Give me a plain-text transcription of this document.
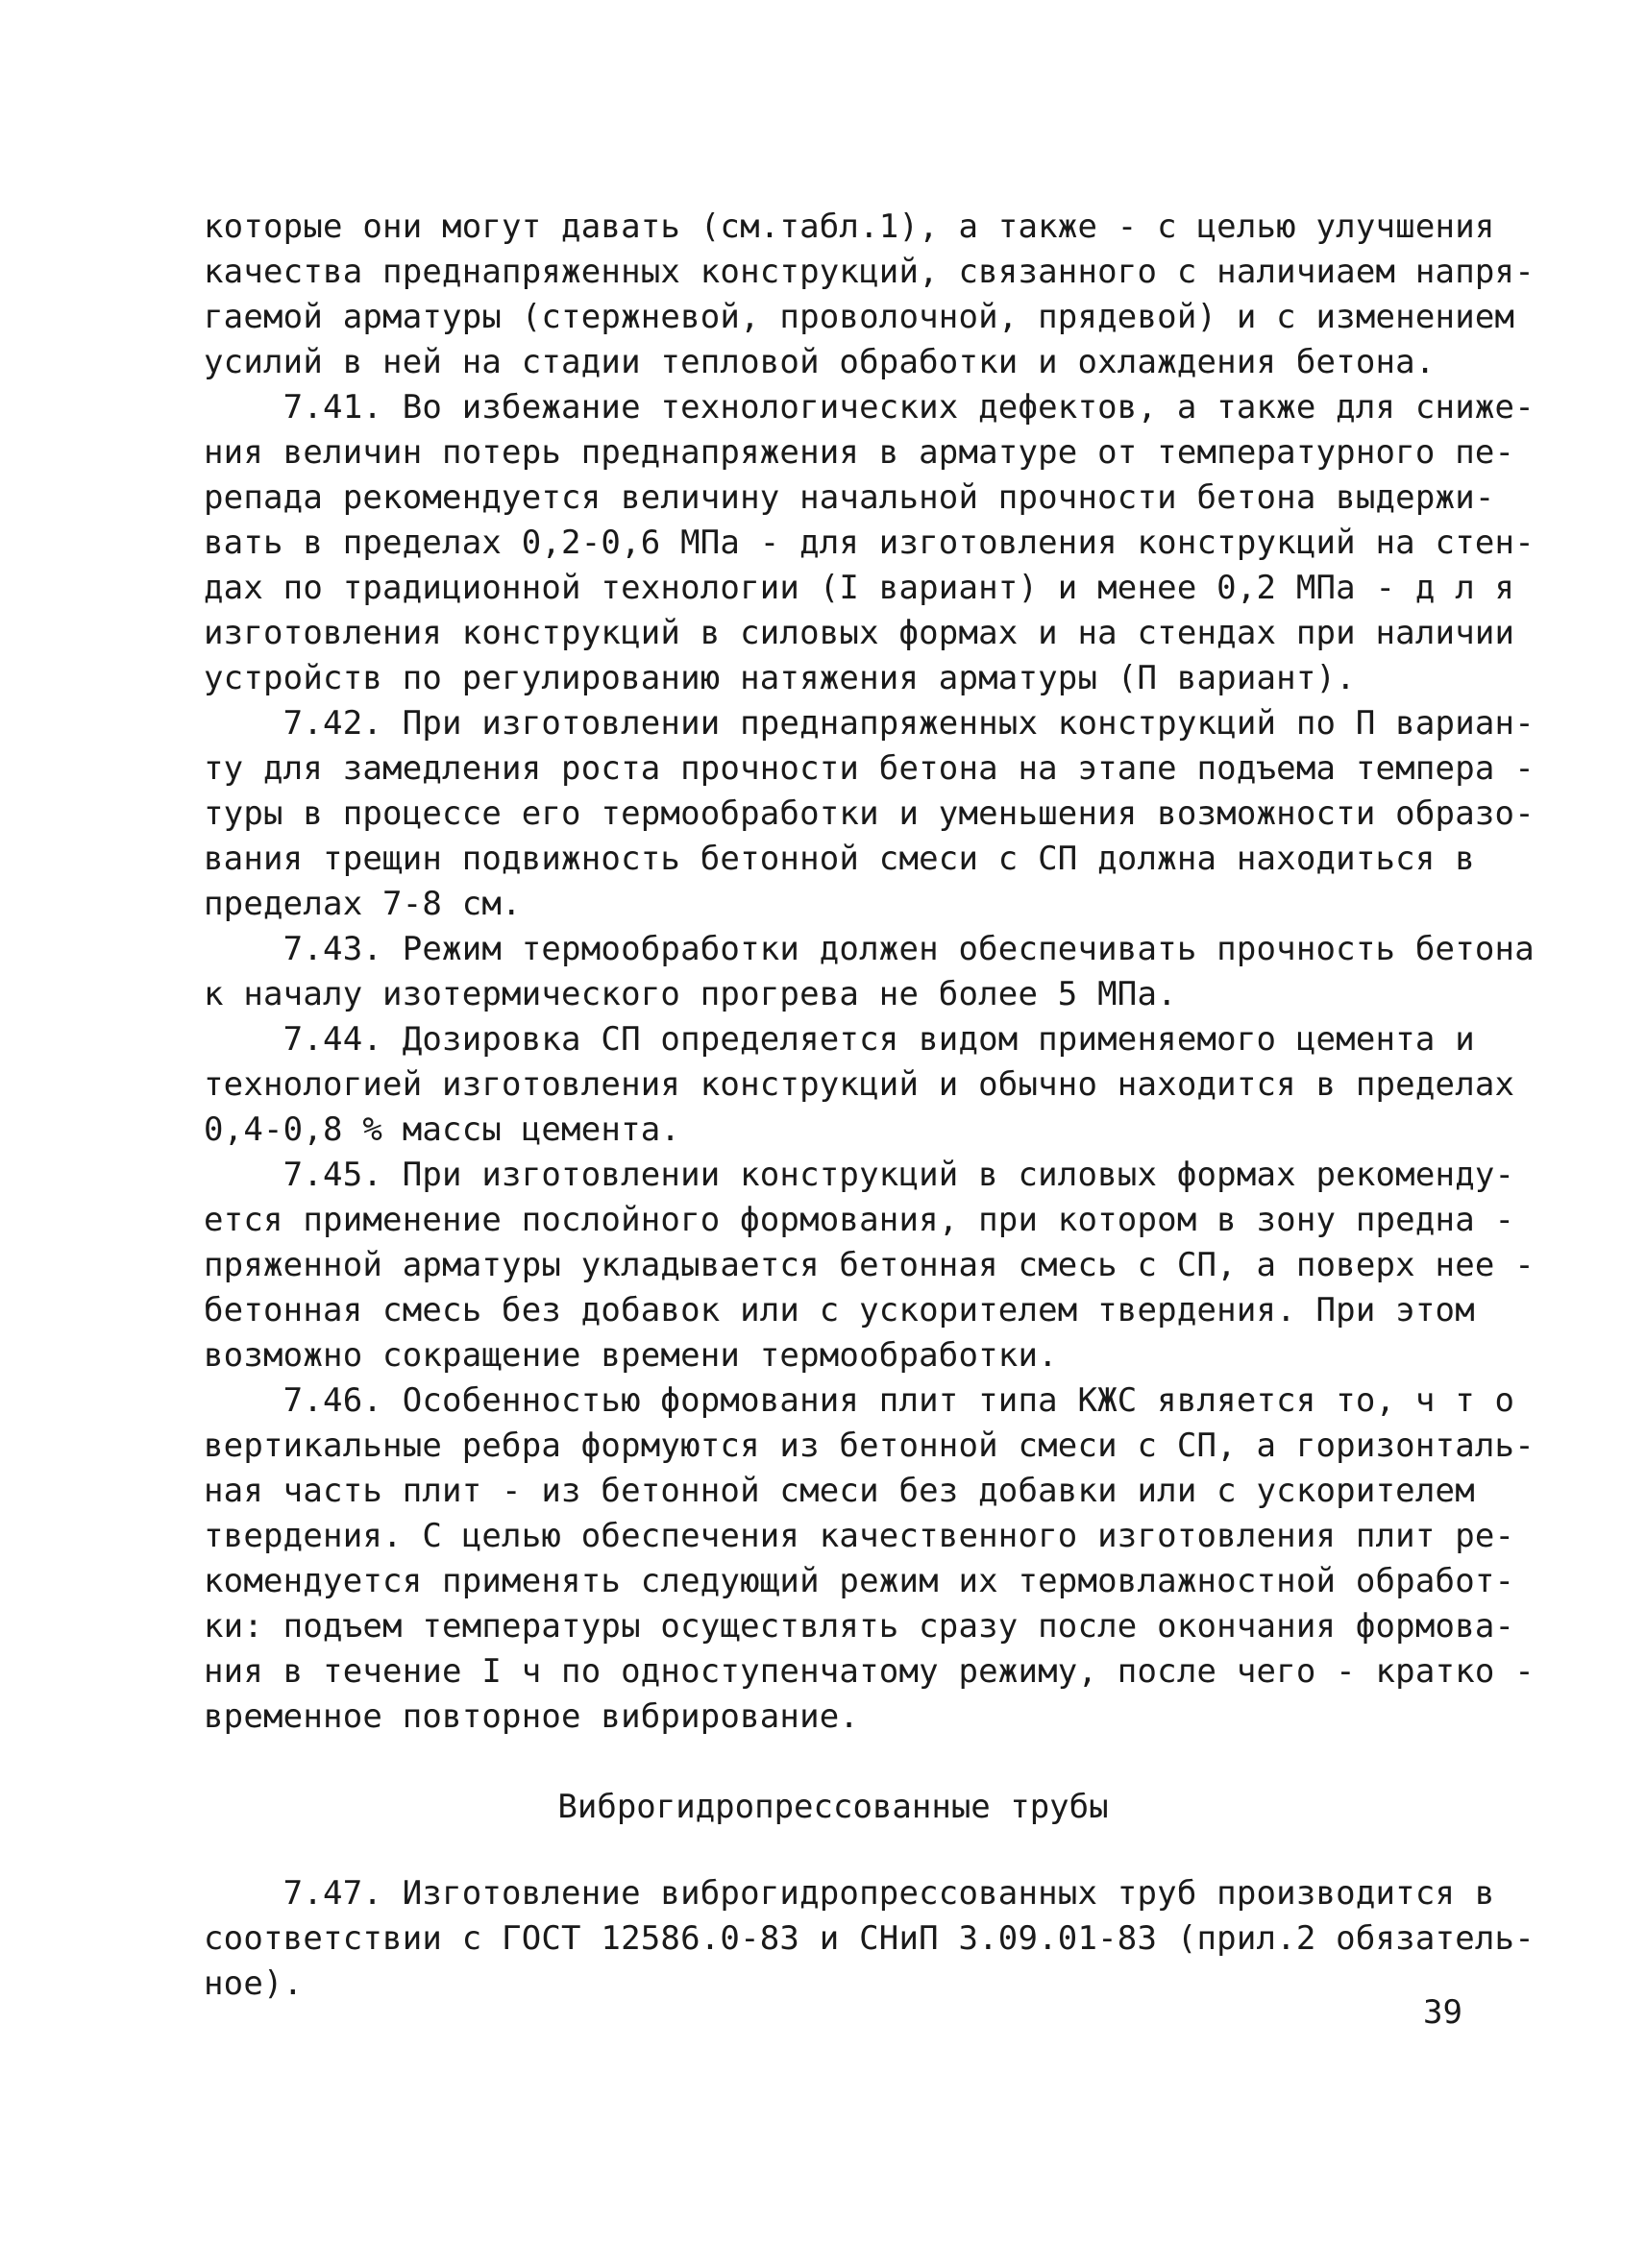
которые они могут давать (см.табл.1), а также - с целью улучшения
качества преднапряженных конструкций, связанного с наличиаем напря-
гаемой арматуры (стержневой, проволочной, прядевой) и с изменением
усилий в ней на стадии тепловой обработки и охлаждения бетона.
7.41. Во избежание технологических дефектов, а также для сниже-
ния величин потерь преднапряжения в арматуре от температурного пе-
репада рекомендуется величину начальной прочности бетона выдержи-
вать в пределах 0,2-0,6 МПа - для изготовления конструкций на стен-
дах по традиционной технологии (I вариант) и менее 0,2 МПа - д л я
изготовления конструкций в силовых формах и на стендах при наличии
устройств по регулированию натяжения арматуры (П вариант).
7.42. При изготовлении преднапряженных конструкций по П вариан-
ту для замедления роста прочности бетона на этапе подъема темпера -
туры в процессе его термообработки и уменьшения возможности образо-
вания трещин подвижность бетонной смеси с СП должна находиться в
пределах 7-8 см.
7.43. Режим термообработки должен обеспечивать прочность бетона
к началу изотермического прогрева не более 5 МПа.
7.44. Дозировка СП определяется видом применяемого цемента и
технологией изготовления конструкций и обычно находится в пределах
0,4-0,8 % массы цемента.
7.45. При изготовлении конструкций в силовых формах рекоменду-
ется применение послойного формования, при котором в зону предна -
пряженной арматуры укладывается бетонная смесь с СП, а поверх нее -
бетонная смесь без добавок или с ускорителем твердения. При этом
возможно сокращение времени термообработки.
7.46. Особенностью формования плит типа КЖС является то, ч т о
вертикальные ребра формуются из бетонной смеси с СП, а горизонталь-
ная часть плит - из бетонной смеси без добавки или с ускорителем
твердения. С целью обеспечения качественного изготовления плит ре-
комендуется применять следующий режим их термовлажностной обработ-
ки: подъем температуры осуществлять сразу после окончания формова-
ния в течение I ч по одноступенчатому режиму, после чего - кратко -
временное повторное вибрирование.
Виброгидропрессованные трубы
7.47. Изготовление виброгидропрессованных труб производится в
соответствии с ГОСТ 12586.0-83 и СНиП 3.09.01-83 (прил.2 обязатель-
ное).
39
